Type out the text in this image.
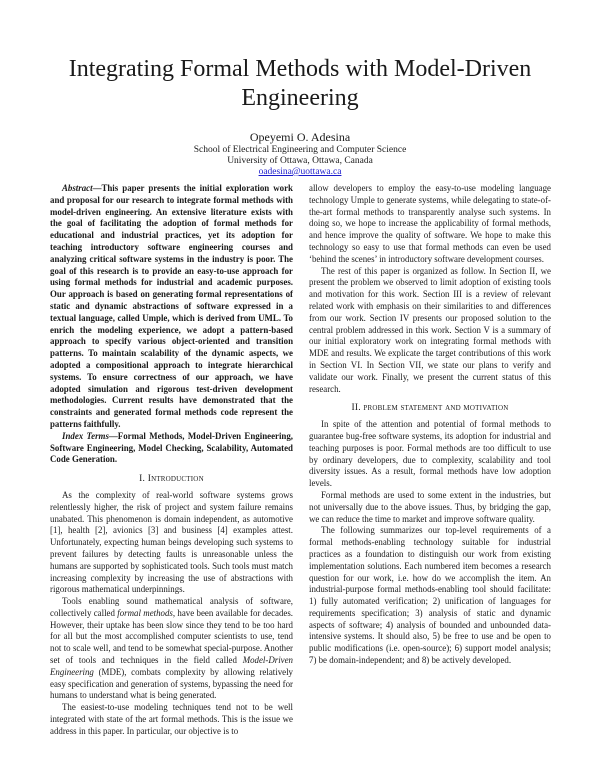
Integrating Formal Methods with Model-Driven Engineering
Opeyemi O. Adesina
School of Electrical Engineering and Computer Science
University of Ottawa, Ottawa, Canada
oadesina@uottawa.ca

Abstract—This paper presents the initial exploration work and proposal for our research to integrate formal methods with model-driven engineering. An extensive literature exists with the goal of facilitating the adoption of formal methods for educational and industrial practices, yet its adoption for teaching introductory software engineering courses and analyzing critical software systems in the industry is poor. The goal of this research is to provide an easy-to-use approach for using formal methods for industrial and academic purposes. Our approach is based on generating formal representations of static and dynamic abstractions of software expressed in a textual language, called Umple, which is derived from UML. To enrich the modeling experience, we adopt a pattern-based approach to specify various object-oriented and transition patterns. To maintain scalability of the dynamic aspects, we adopted a compositional approach to integrate hierarchical systems. To ensure correctness of our approach, we have adopted simulation and rigorous test-driven development methodologies. Current results have demonstrated that the constraints and generated formal methods code represent the patterns faithfully.

Index Terms—Formal Methods, Model-Driven Engineering, Software Engineering, Model Checking, Scalability, Automated Code Generation.

I. Introduction

As the complexity of real-world software systems grows relentlessly higher, the risk of project and system failure remains unabated. This phenomenon is domain independent, as automotive [1], health [2], avionics [3] and business [4] examples attest. Unfortunately, expecting human beings developing such systems to prevent failures by detecting faults is unreasonable unless the humans are supported by sophisticated tools. Such tools must match increasing complexity by increasing the use of abstractions with rigorous mathematical underpinnings.

Tools enabling sound mathematical analysis of software, collectively called formal methods, have been available for decades. However, their uptake has been slow since they tend to be too hard for all but the most accomplished computer scientists to use, tend not to scale well, and tend to be somewhat special-purpose. Another set of tools and techniques in the field called Model-Driven Engineering (MDE), combats complexity by allowing relatively easy specification and generation of systems, bypassing the need for humans to understand what is being generated.

The easiest-to-use modeling techniques tend not to be well integrated with state of the art formal methods. This is the issue we address in this paper. In particular, our objective is to

allow developers to employ the easy-to-use modeling language technology Umple to generate systems, while delegating to state-of-the-art formal methods to transparently analyse such systems. In doing so, we hope to increase the applicability of formal methods, and hence improve the quality of software. We hope to make this technology so easy to use that formal methods can even be used ‘behind the scenes’ in introductory software development courses.

The rest of this paper is organized as follow. In Section II, we present the problem we observed to limit adoption of existing tools and motivation for this work. Section III is a review of relevant related work with emphasis on their similarities to and differences from our work. Section IV presents our proposed solution to the central problem addressed in this work. Section V is a summary of our initial exploratory work on integrating formal methods with MDE and results. We explicate the target contributions of this work in Section VI. In Section VII, we state our plans to verify and validate our work. Finally, we present the current status of this research.

II. problem statement and motivation

In spite of the attention and potential of formal methods to guarantee bug-free software systems, its adoption for industrial and teaching purposes is poor. Formal methods are too difficult to use by ordinary developers, due to complexity, scalability and tool diversity issues. As a result, formal methods have low adoption levels.

Formal methods are used to some extent in the industries, but not universally due to the above issues. Thus, by bridging the gap, we can reduce the time to market and improve software quality.

The following summarizes our top-level requirements of a formal methods-enabling technology suitable for industrial practices as a foundation to distinguish our work from existing implementation solutions. Each numbered item becomes a research question for our work, i.e. how do we accomplish the item. An industrial-purpose formal methods-enabling tool should facilitate: 1) fully automated verification; 2) unification of languages for requirements specification; 3) analysis of static and dynamic aspects of software; 4) analysis of bounded and unbounded data-intensive systems. It should also, 5) be free to use and be open to public modifications (i.e. open-source); 6) support model analysis; 7) be domain-independent; and 8) be actively developed.
